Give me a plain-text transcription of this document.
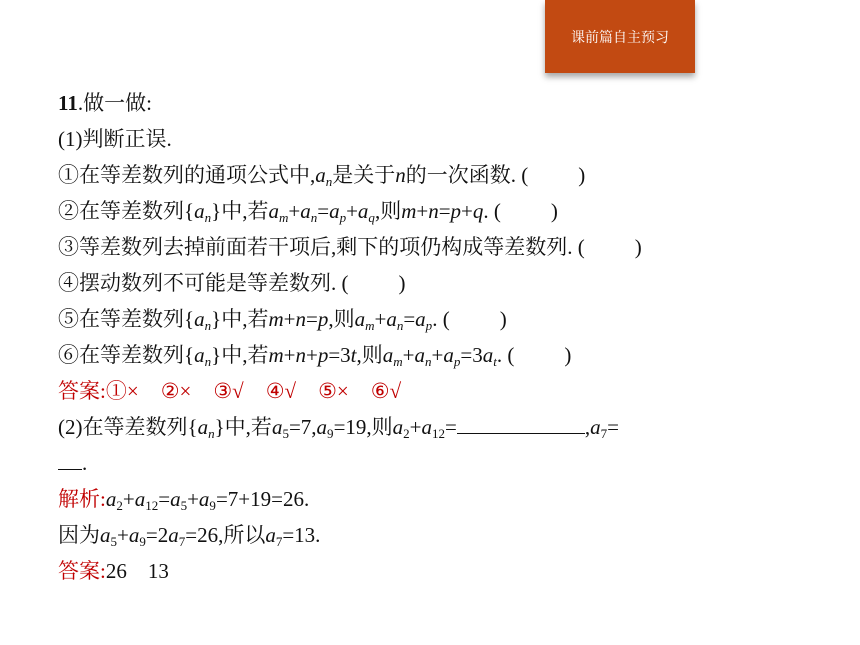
课前篇自主预习
11.做一做:
(1)判断正误.
①在等差数列的通项公式中$,a_n$是关于n的一次函数. ( )
②在等差数列$\{a_n\}$中,若$a_m+a_n=a_p+a_q$,则m+n=p+q. ( )
③等差数列去掉前面若干项后,剩下的项仍构成等差数列. ( )
④摆动数列不可能是等差数列. ( )
⑤在等差数列$\{a_n\}$中,若m+n=p,则$a_m+a_n=a_p$. ( )
⑥在等差数列$\{a_n\}$中,若m+n+p=3t,则$a_m+a_n+a_p=3a_t$. ( )
答案:①× ②× ③√ ④√ ⑤× ⑥√
(2)在等差数列$\{a_n\}$中,若$a_5=7,a_9=19$,则$a_2+a_{12}=$	$,a_7=$
.
解析$:a_2+a_{12}=a_5+a_9=7+19=26$.
因为$a_5+a_9=2a_7=26$,所以$a_7=13$.
答案:26　13
